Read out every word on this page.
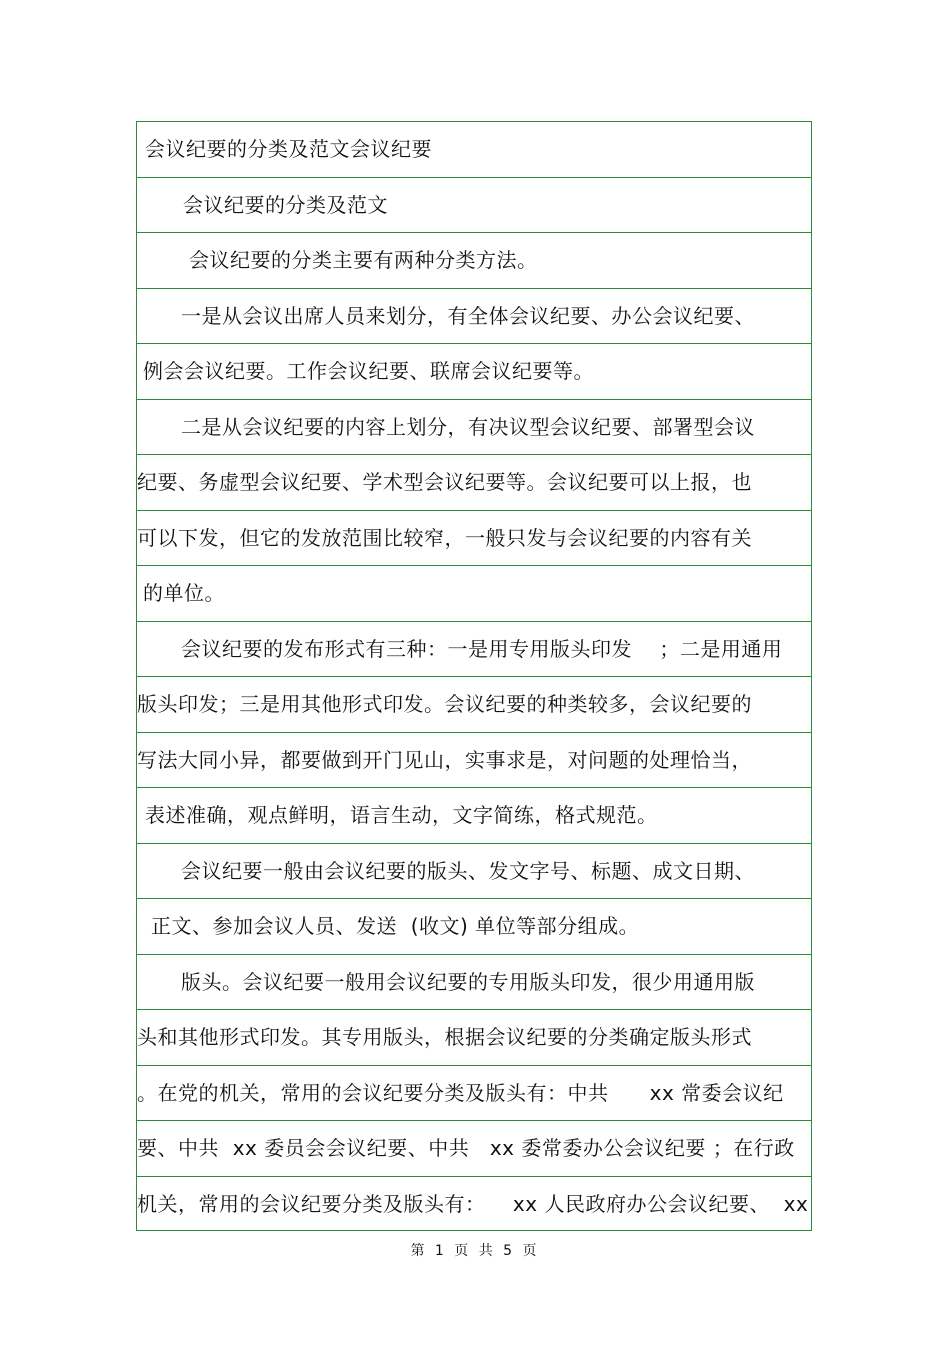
会议纪要的分类及范文会议纪要
会议纪要的分类及范文
会议纪要的分类主要有两种分类方法。
一是从会议出席人员来划分，有全体会议纪要、办公会议纪要、
例会会议纪要。工作会议纪要、联席会议纪要等。
二是从会议纪要的内容上划分，有决议型会议纪要、部署型会议
纪要、务虚型会议纪要、学术型会议纪要等。会议纪要可以上报，也
可以下发，但它的发放范围比较窄，一般只发与会议纪要的内容有关
的单位。
会议纪要的发布形式有三种：一是用专用版头印发    ；二是用通用
版头印发；三是用其他形式印发。会议纪要的种类较多，会议纪要的
写法大同小异，都要做到开门见山，实事求是，对问题的处理恰当，
表述准确，观点鲜明，语言生动，文字简练，格式规范。
会议纪要一般由会议纪要的版头、发文字号、标题、成文日期、
正文、参加会议人员、发送  (收文) 单位等部分组成。
版头。会议纪要一般用会议纪要的专用版头印发，很少用通用版
头和其他形式印发。其专用版头，根据会议纪要的分类确定版头形式
。在党的机关，常用的会议纪要分类及版头有：中共      xx 常委会议纪
要、中共  xx 委员会会议纪要、中共   xx 委常委办公会议纪要 ；在行政
机关，常用的会议纪要分类及版头有：    xx 人民政府办公会议纪要、  xx
第 1 页 共 5 页
